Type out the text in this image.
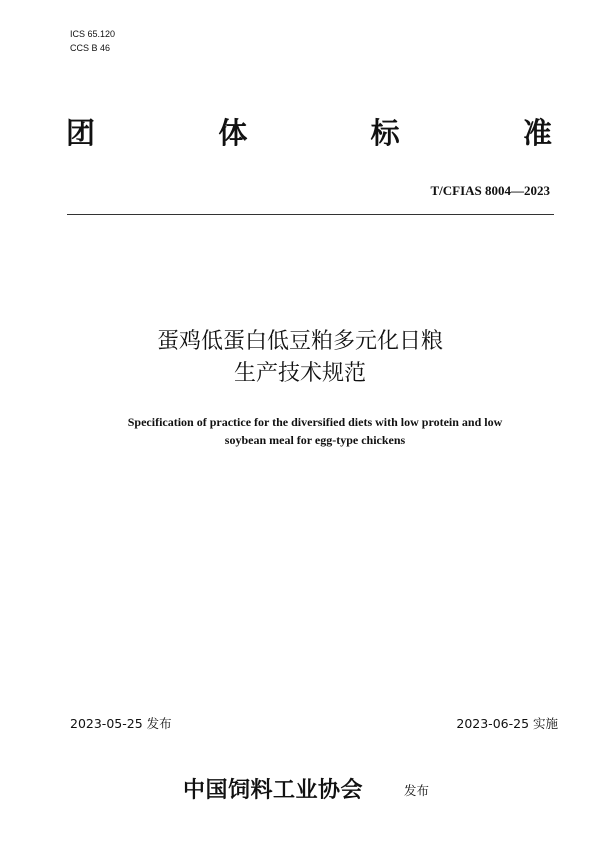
ICS 65.120
CCS B 46
团	体	标	准
T/CFIAS 8004—2023
蛋鸡低蛋白低豆粕多元化日粮
生产技术规范
Specification of practice for the diversified diets with low protein and low
soybean meal for egg-type chickens
2023-05-25 发布	2023-06-25 实施
中国饲料工业协会	发布
